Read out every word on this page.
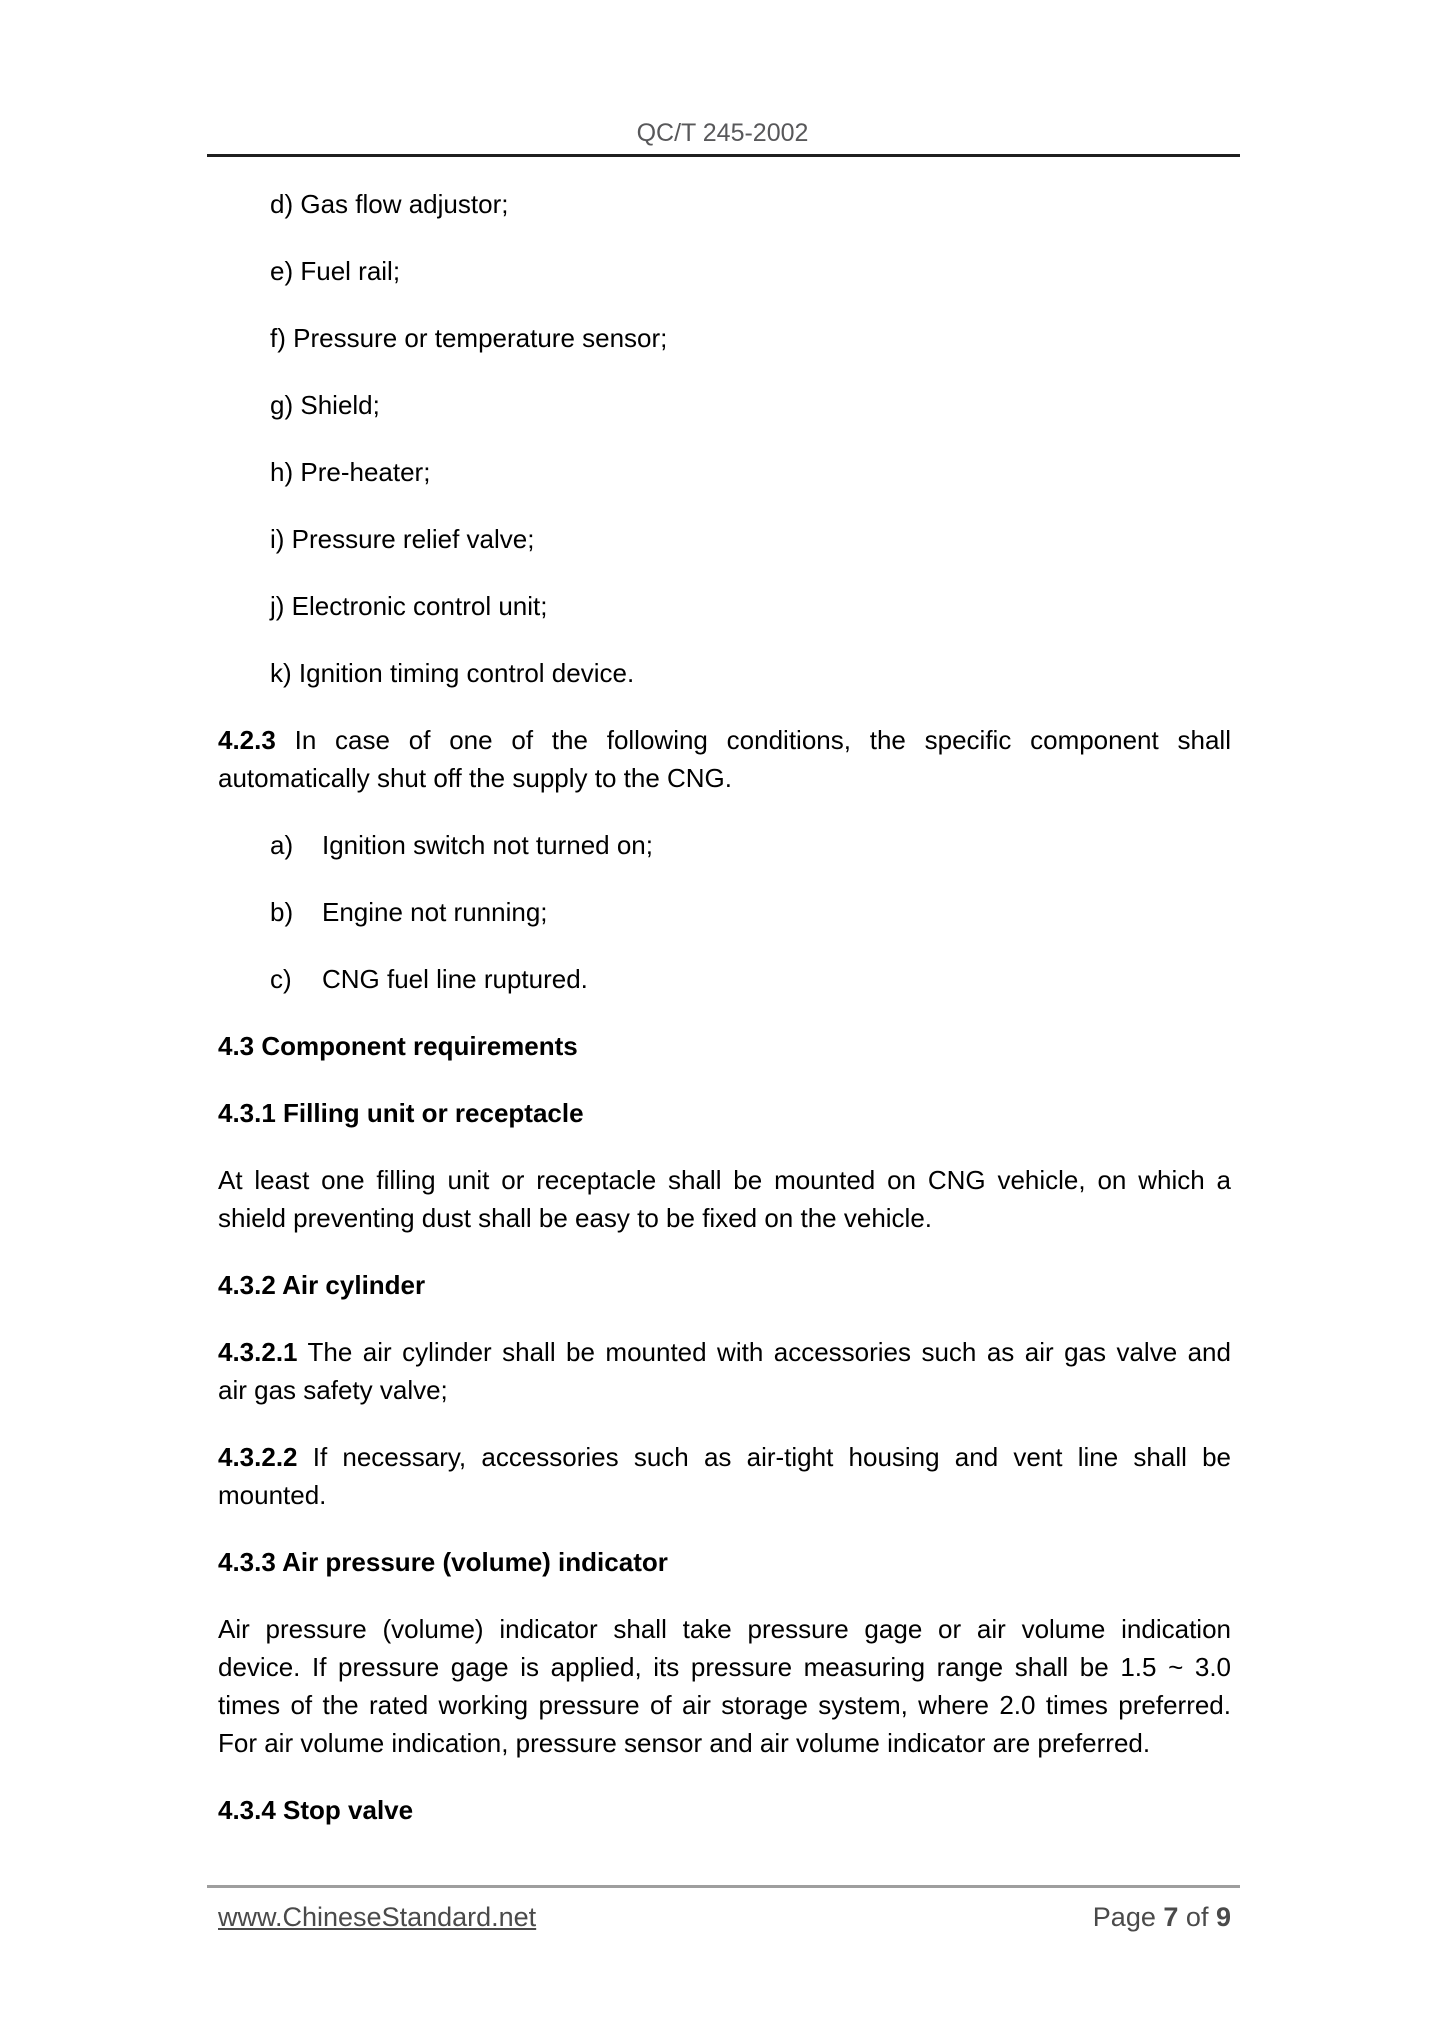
QC/T 245-2002
d) Gas flow adjustor;
e) Fuel rail;
f) Pressure or temperature sensor;
g) Shield;
h) Pre-heater;
i) Pressure relief valve;
j) Electronic control unit;
k) Ignition timing control device.
4.2.3 In case of one of the following conditions, the specific component shall
automatically shut off the supply to the CNG.
a) Ignition switch not turned on;
b) Engine not running;
c) CNG fuel line ruptured.
4.3 Component requirements
4.3.1 Filling unit or receptacle
At least one filling unit or receptacle shall be mounted on CNG vehicle, on which a
shield preventing dust shall be easy to be fixed on the vehicle.
4.3.2 Air cylinder
4.3.2.1 The air cylinder shall be mounted with accessories such as air gas valve and
air gas safety valve;
4.3.2.2 If necessary, accessories such as air-tight housing and vent line shall be
mounted.
4.3.3 Air pressure (volume) indicator
Air pressure (volume) indicator shall take pressure gage or air volume indication
device. If pressure gage is applied, its pressure measuring range shall be 1.5 ~ 3.0
times of the rated working pressure of air storage system, where 2.0 times preferred.
For air volume indication, pressure sensor and air volume indicator are preferred.
4.3.4 Stop valve
www.ChineseStandard.net	Page 7 of 9
